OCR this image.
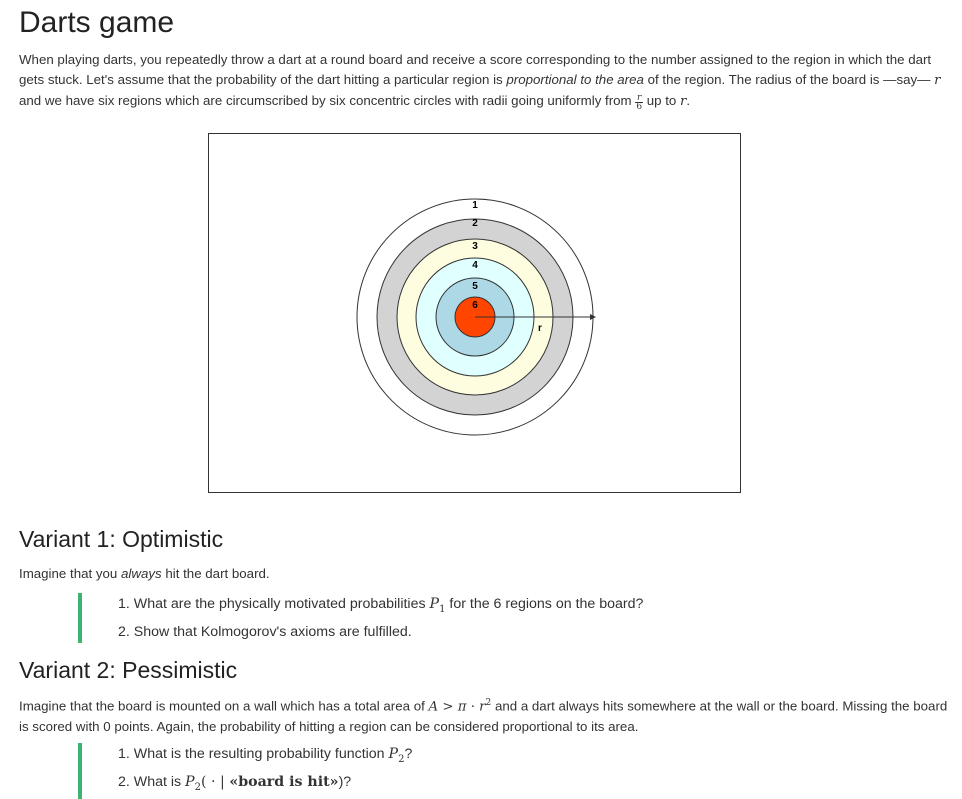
Darts game

When playing darts, you repeatedly throw a dart at a round board and receive a score corresponding to the number assigned to the region in which the dart gets stuck. Let's assume that the probability of the dart hitting a particular region is proportional to the area of the region. The radius of the board is —say— r and we have six regions which are circumscribed by six concentric circles with radii going uniformly from $\frac{r}{6}$ up to r.

1
2
3
4
5
6
r
Variant 1: Optimistic

Imagine that you always hit the dart board.

1. What are the physically motivated probabilities $P_1$ for the 6 regions on the board?
2. Show that Kolmogorov's axioms are fulfilled.
Variant 2: Pessimistic

Imagine that the board is mounted on a wall which has a total area of $A > \pi \cdot r^2$ and a dart always hits somewhere at the wall or the board. Missing the board is scored with 0 points. Again, the probability of hitting a region can be considered proportional to its area.

1. What is the resulting probability function $P_2$?
2. What is $P_2$( · | «board is hit»)?
